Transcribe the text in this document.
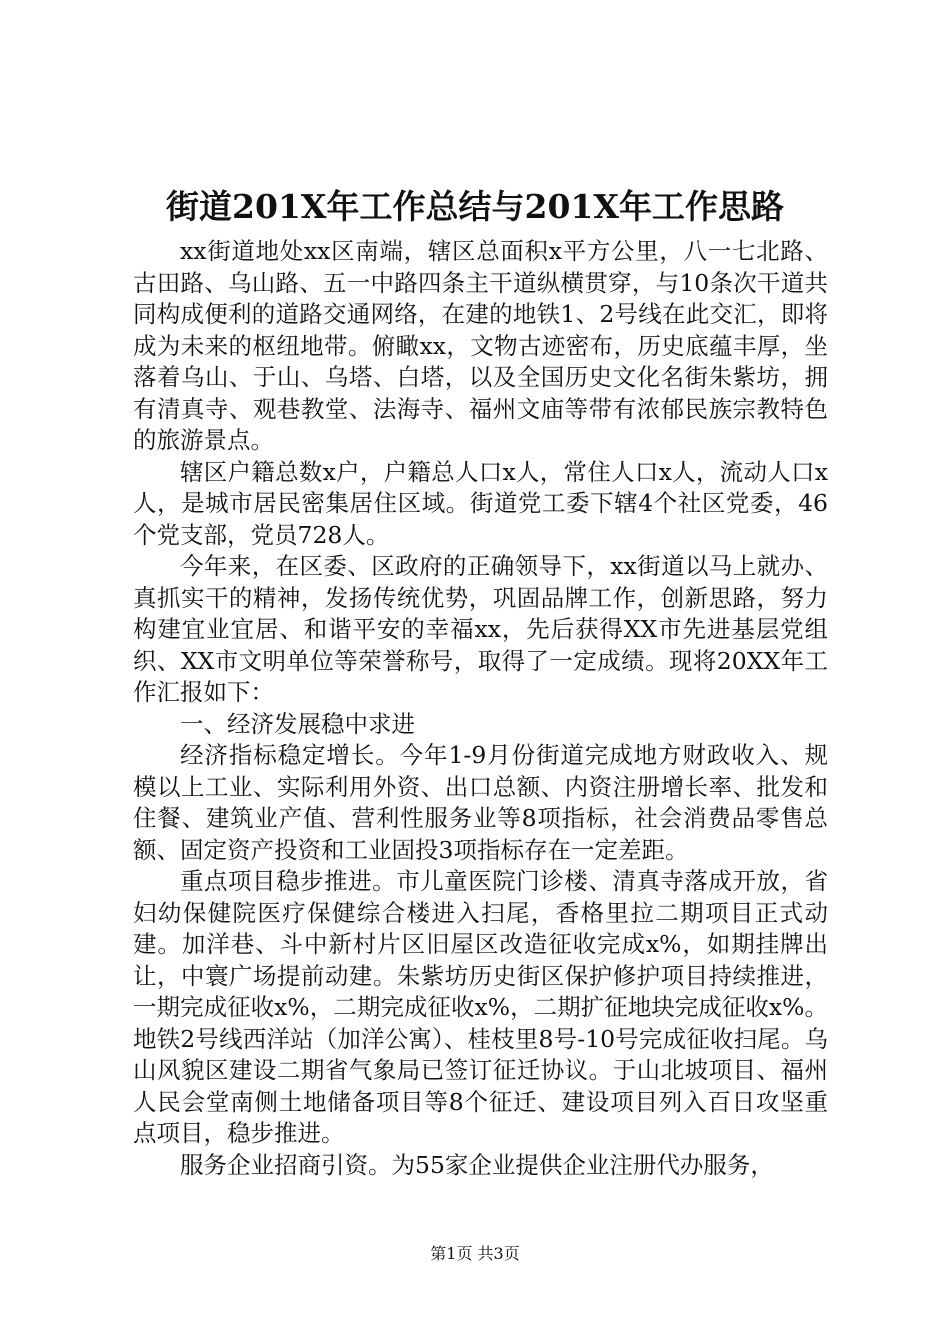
街道201X年工作总结与201X年工作思路

xx街道地处xx区南端，辖区总面积x平方公里，八一七北路、古田路、乌山路、五一中路四条主干道纵横贯穿，与10条次干道共同构成便利的道路交通网络，在建的地铁1、2号线在此交汇，即将成为未来的枢纽地带。俯瞰xx，文物古迹密布，历史底蕴丰厚，坐落着乌山、于山、乌塔、白塔，以及全国历史文化名街朱紫坊，拥有清真寺、观巷教堂、法海寺、福州文庙等带有浓郁民族宗教特色的旅游景点。

辖区户籍总数x户，户籍总人口x人，常住人口x人，流动人口x人，是城市居民密集居住区域。街道党工委下辖4个社区党委，46个党支部，党员728人。

今年来，在区委、区政府的正确领导下，xx街道以马上就办、真抓实干的精神，发扬传统优势，巩固品牌工作，创新思路，努力构建宜业宜居、和谐平安的幸福xx，先后获得XX市先进基层党组织、XX市文明单位等荣誉称号，取得了一定成绩。现将20XX年工作汇报如下：

一、经济发展稳中求进

经济指标稳定增长。今年1-9月份街道完成地方财政收入、规模以上工业、实际利用外资、出口总额、内资注册增长率、批发和住餐、建筑业产值、营利性服务业等8项指标，社会消费品零售总额、固定资产投资和工业固投3项指标存在一定差距。

重点项目稳步推进。市儿童医院门诊楼、清真寺落成开放，省妇幼保健院医疗保健综合楼进入扫尾，香格里拉二期项目正式动建。加洋巷、斗中新村片区旧屋区改造征收完成x%，如期挂牌出让，中寰广场提前动建。朱紫坊历史街区保护修护项目持续推进，一期完成征收x%，二期完成征收x%，二期扩征地块完成征收x%。地铁2号线西洋站（加洋公寓）、桂枝里8号-10号完成征收扫尾。乌山风貌区建设二期省气象局已签订征迁协议。于山北坡项目、福州人民会堂南侧土地储备项目等8个征迁、建设项目列入百日攻坚重点项目，稳步推进。

服务企业招商引资。为55家企业提供企业注册代办服务，

第1页 共3页
